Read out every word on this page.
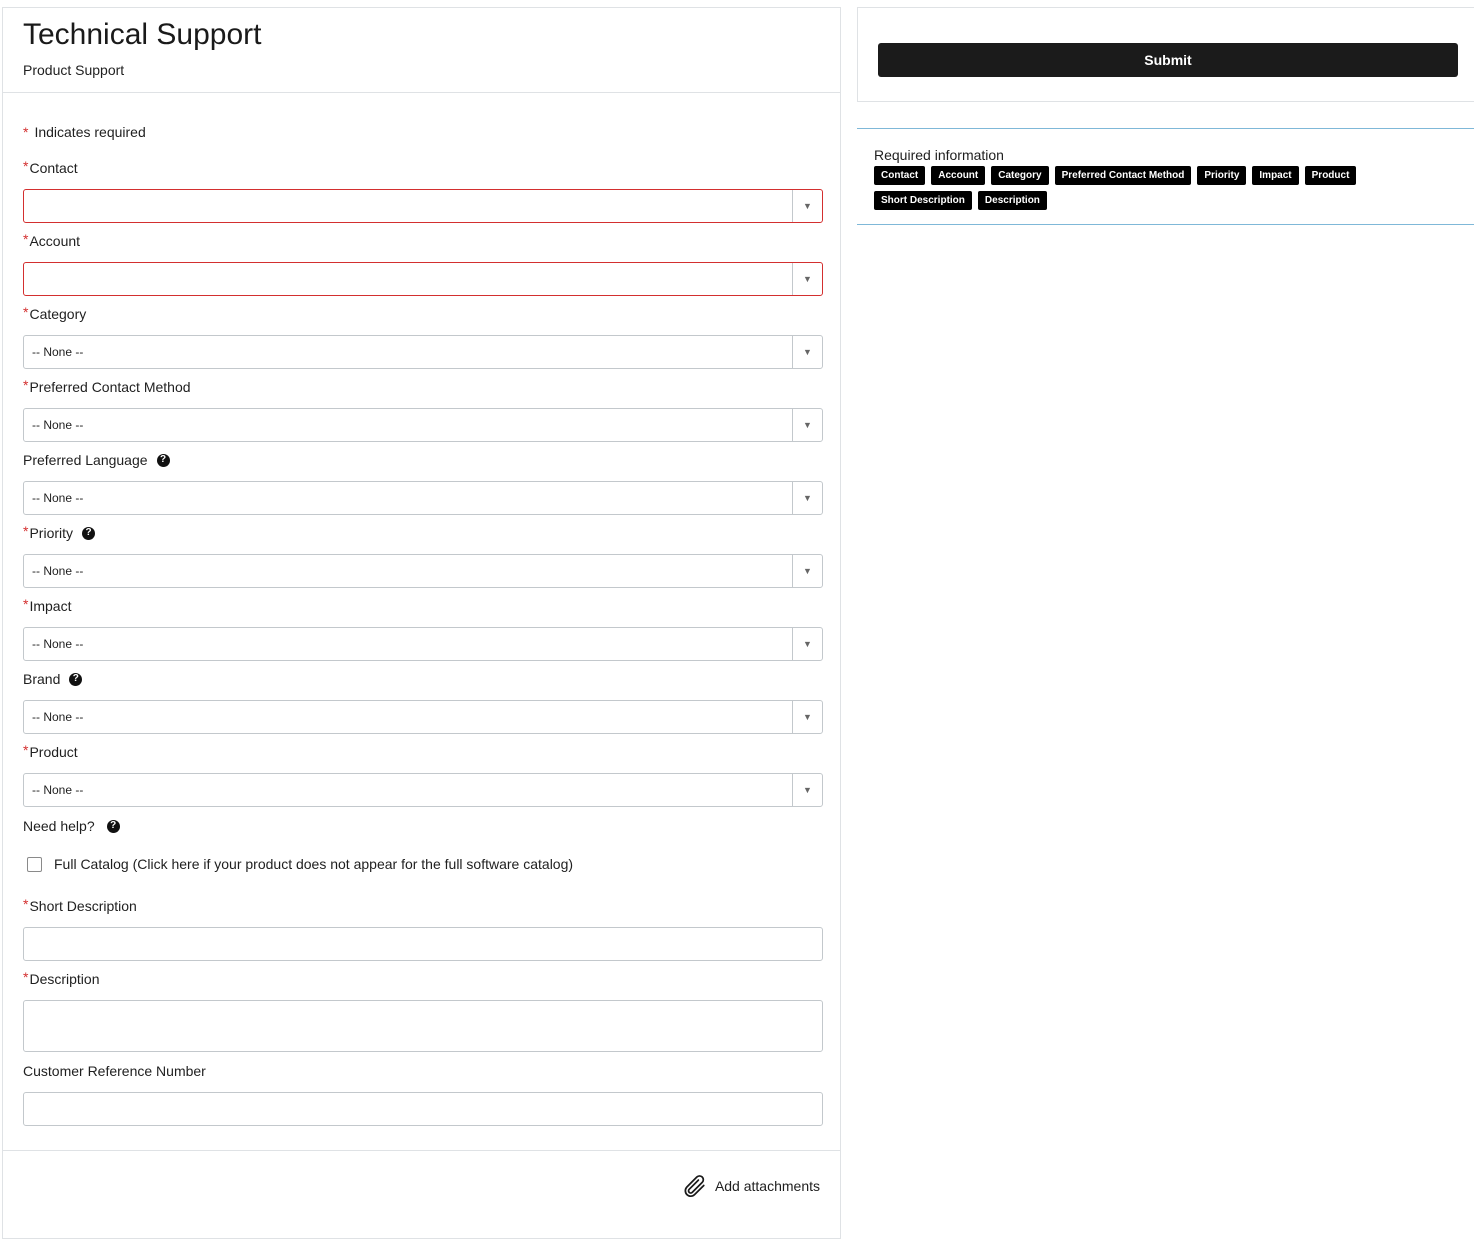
Technical Support
Product Support
* Indicates required
* Contact
▼
* Account
▼
* Category
-- None --	▼
* Preferred Contact Method
-- None --	▼
Preferred Language	?
-- None --	▼
* Priority	?
-- None --	▼
* Impact
-- None --	▼
Brand	?
-- None --	▼
* Product
-- None --	▼
Need help?	?
Full Catalog (Click here if your product does not appear for the full software catalog)
* Short Description
* Description
Customer Reference Number
Add attachments
Submit
Required information
Contact	Account	Category	Preferred Contact Method	Priority	Impact	Product
Short Description	Description
